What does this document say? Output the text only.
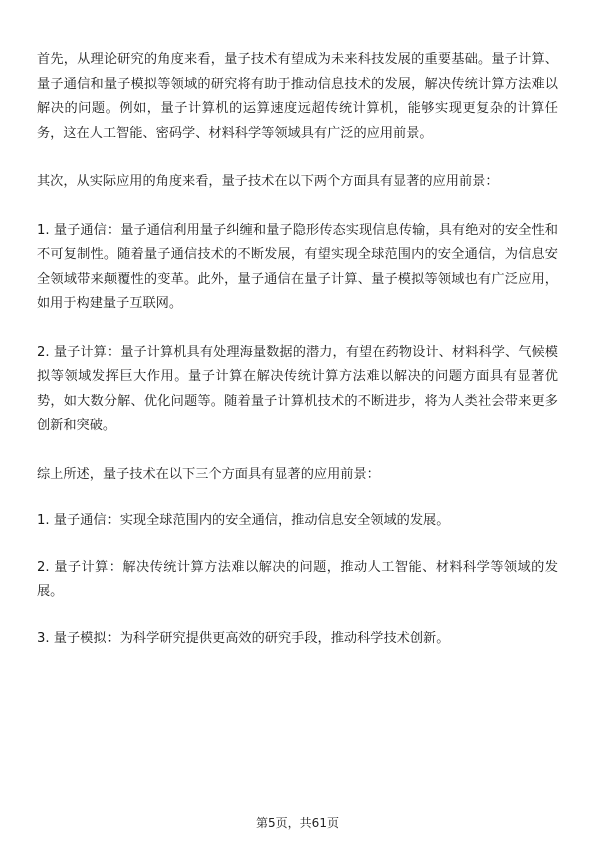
首先，从理论研究的角度来看，量子技术有望成为未来科技发展的重要基础。量子计算、量子通信和量子模拟等领域的研究将有助于推动信息技术的发展，解决传统计算方法难以解决的问题。例如，量子计算机的运算速度远超传统计算机，能够实现更复杂的计算任务，这在人工智能、密码学、材料科学等领域具有广泛的应用前景。

其次，从实际应用的角度来看，量子技术在以下两个方面具有显著的应用前景：

1. 量子通信：量子通信利用量子纠缠和量子隐形传态实现信息传输，具有绝对的安全性和不可复制性。随着量子通信技术的不断发展，有望实现全球范围内的安全通信，为信息安全领域带来颠覆性的变革。此外，量子通信在量子计算、量子模拟等领域也有广泛应用，如用于构建量子互联网。

2. 量子计算：量子计算机具有处理海量数据的潜力，有望在药物设计、材料科学、气候模拟等领域发挥巨大作用。量子计算在解决传统计算方法难以解决的问题方面具有显著优势，如大数分解、优化问题等。随着量子计算机技术的不断进步，将为人类社会带来更多创新和突破。

综上所述，量子技术在以下三个方面具有显著的应用前景：

1. 量子通信：实现全球范围内的安全通信，推动信息安全领域的发展。

2. 量子计算：解决传统计算方法难以解决的问题，推动人工智能、材料科学等领域的发展。

3. 量子模拟：为科学研究提供更高效的研究手段，推动科学技术创新。

第5页，共61页
